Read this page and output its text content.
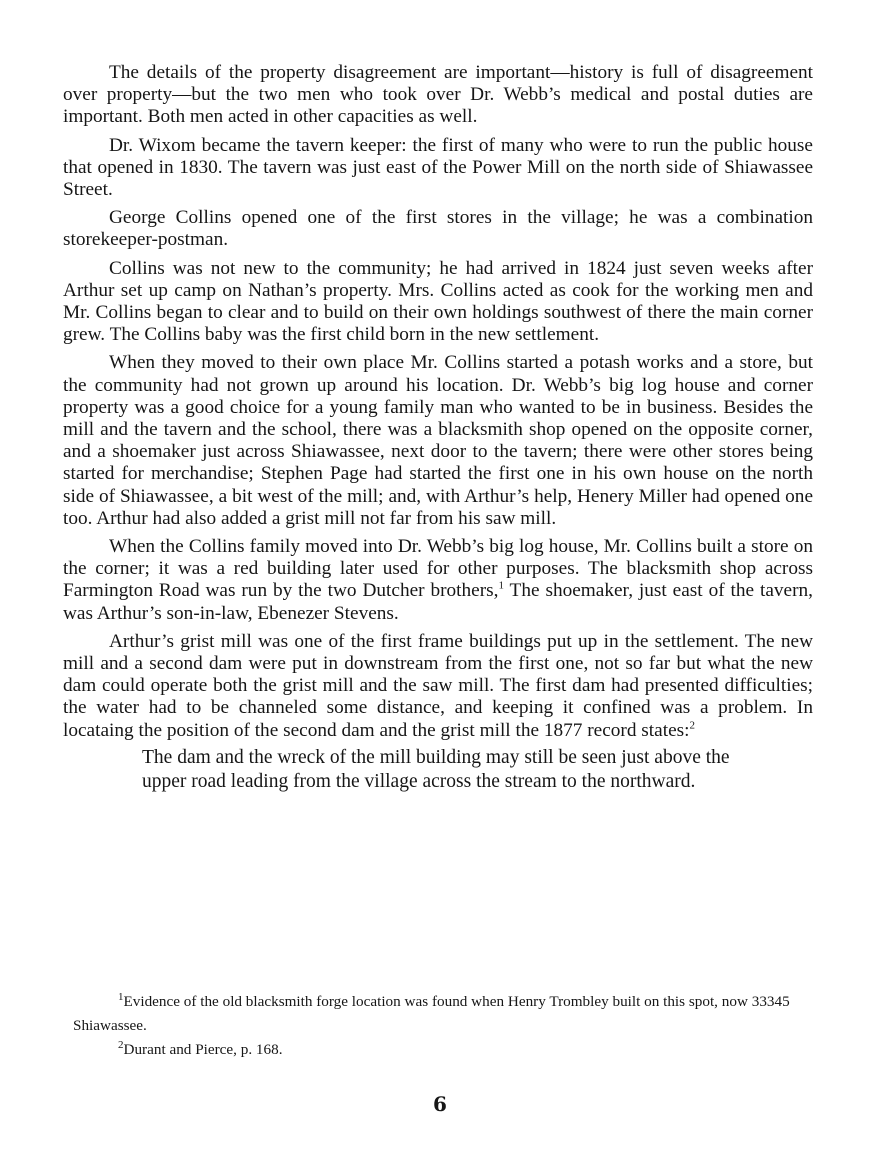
The details of the property disagreement are important—history is full of disagreement over property—but the two men who took over Dr. Webb’s medical and postal duties are important. Both men acted in other capacities as well.

Dr. Wixom became the tavern keeper: the first of many who were to run the public house that opened in 1830. The tavern was just east of the Power Mill on the north side of Shiawassee Street.

George Collins opened one of the first stores in the village; he was a combination storekeeper-postman.

Collins was not new to the community; he had arrived in 1824 just seven weeks after Arthur set up camp on Nathan’s property. Mrs. Collins acted as cook for the working men and Mr. Collins began to clear and to build on their own holdings southwest of there the main corner grew. The Collins baby was the first child born in the new settlement.

When they moved to their own place Mr. Collins started a potash works and a store, but the community had not grown up around his location. Dr. Webb’s big log house and corner property was a good choice for a young family man who wanted to be in business. Besides the mill and the tavern and the school, there was a blacksmith shop opened on the opposite corner, and a shoemaker just across Shiawassee, next door to the tavern; there were other stores being started for merchandise; Stephen Page had started the first one in his own house on the north side of Shiawassee, a bit west of the mill; and, with Arthur’s help, Henery Miller had opened one too. Arthur had also added a grist mill not far from his saw mill.

When the Collins family moved into Dr. Webb’s big log house, Mr. Collins built a store on the corner; it was a red building later used for other purposes. The blacksmith shop across Farmington Road was run by the two Dutcher brothers,$^1$ The shoemaker, just east of the tavern, was Arthur’s son-in-law, Ebenezer Stevens.

Arthur’s grist mill was one of the first frame buildings put up in the settlement. The new mill and a second dam were put in downstream from the first one, not so far but what the new dam could operate both the grist mill and the saw mill. The first dam had presented difficulties; the water had to be channeled some distance, and keeping it confined was a problem. In locataing the position of the second dam and the grist mill the 1877 record states:$^2$

The dam and the wreck of the mill building may still be seen just above the upper road leading from the village across the stream to the northward.

$^1$Evidence of the old blacksmith forge location was found when Henry Trombley built on this spot, now 33345 Shiawassee.

$^2$Durant and Pierce, p. 168.

6
